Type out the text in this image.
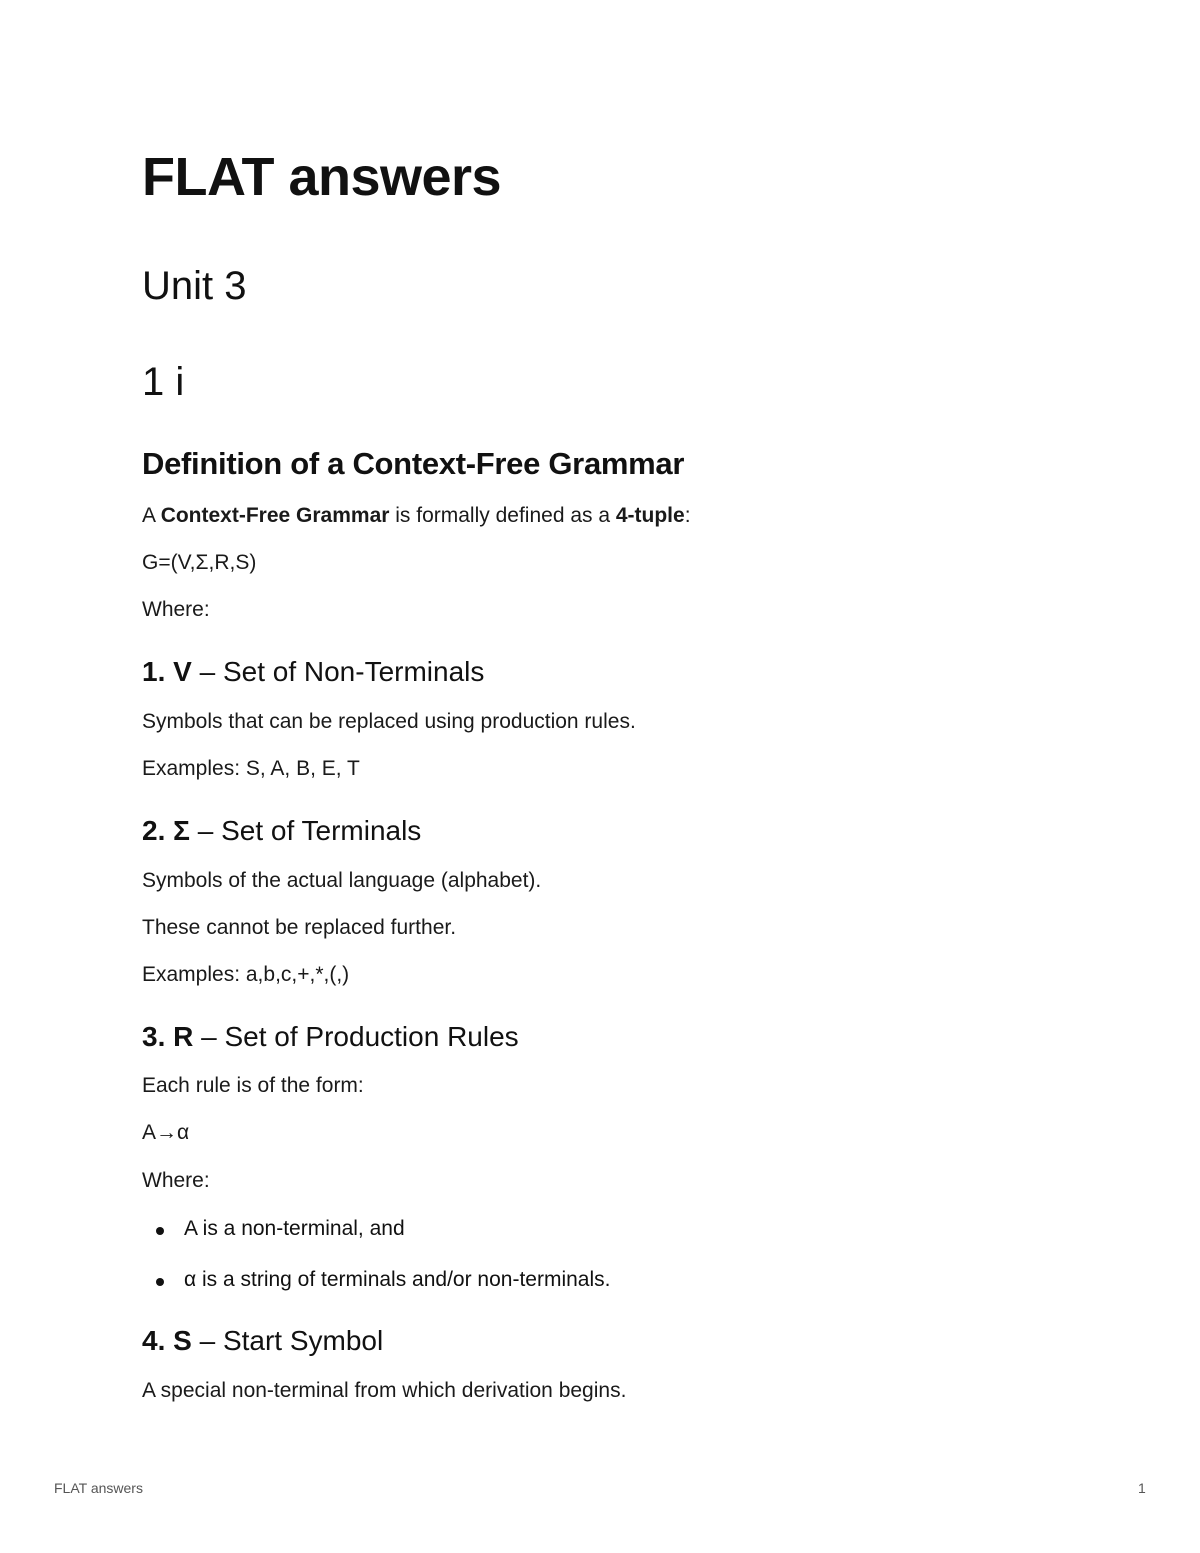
FLAT answers
Unit 3
1 i
Definition of a Context-Free Grammar

A Context-Free Grammar is formally defined as a 4-tuple:

G=(V,Σ,R,S)

Where:

1. V – Set of Non-Terminals

Symbols that can be replaced using production rules.

Examples: S, A, B, E, T

2. Σ – Set of Terminals

Symbols of the actual language (alphabet).

These cannot be replaced further.

Examples: a,b,c,+,*,(,)

3. R – Set of Production Rules

Each rule is of the form:

A→α

Where:

A is a non-terminal, and
α is a string of terminals and/or non-terminals.
4. S – Start Symbol

A special non-terminal from which derivation begins.

FLAT answers	1
